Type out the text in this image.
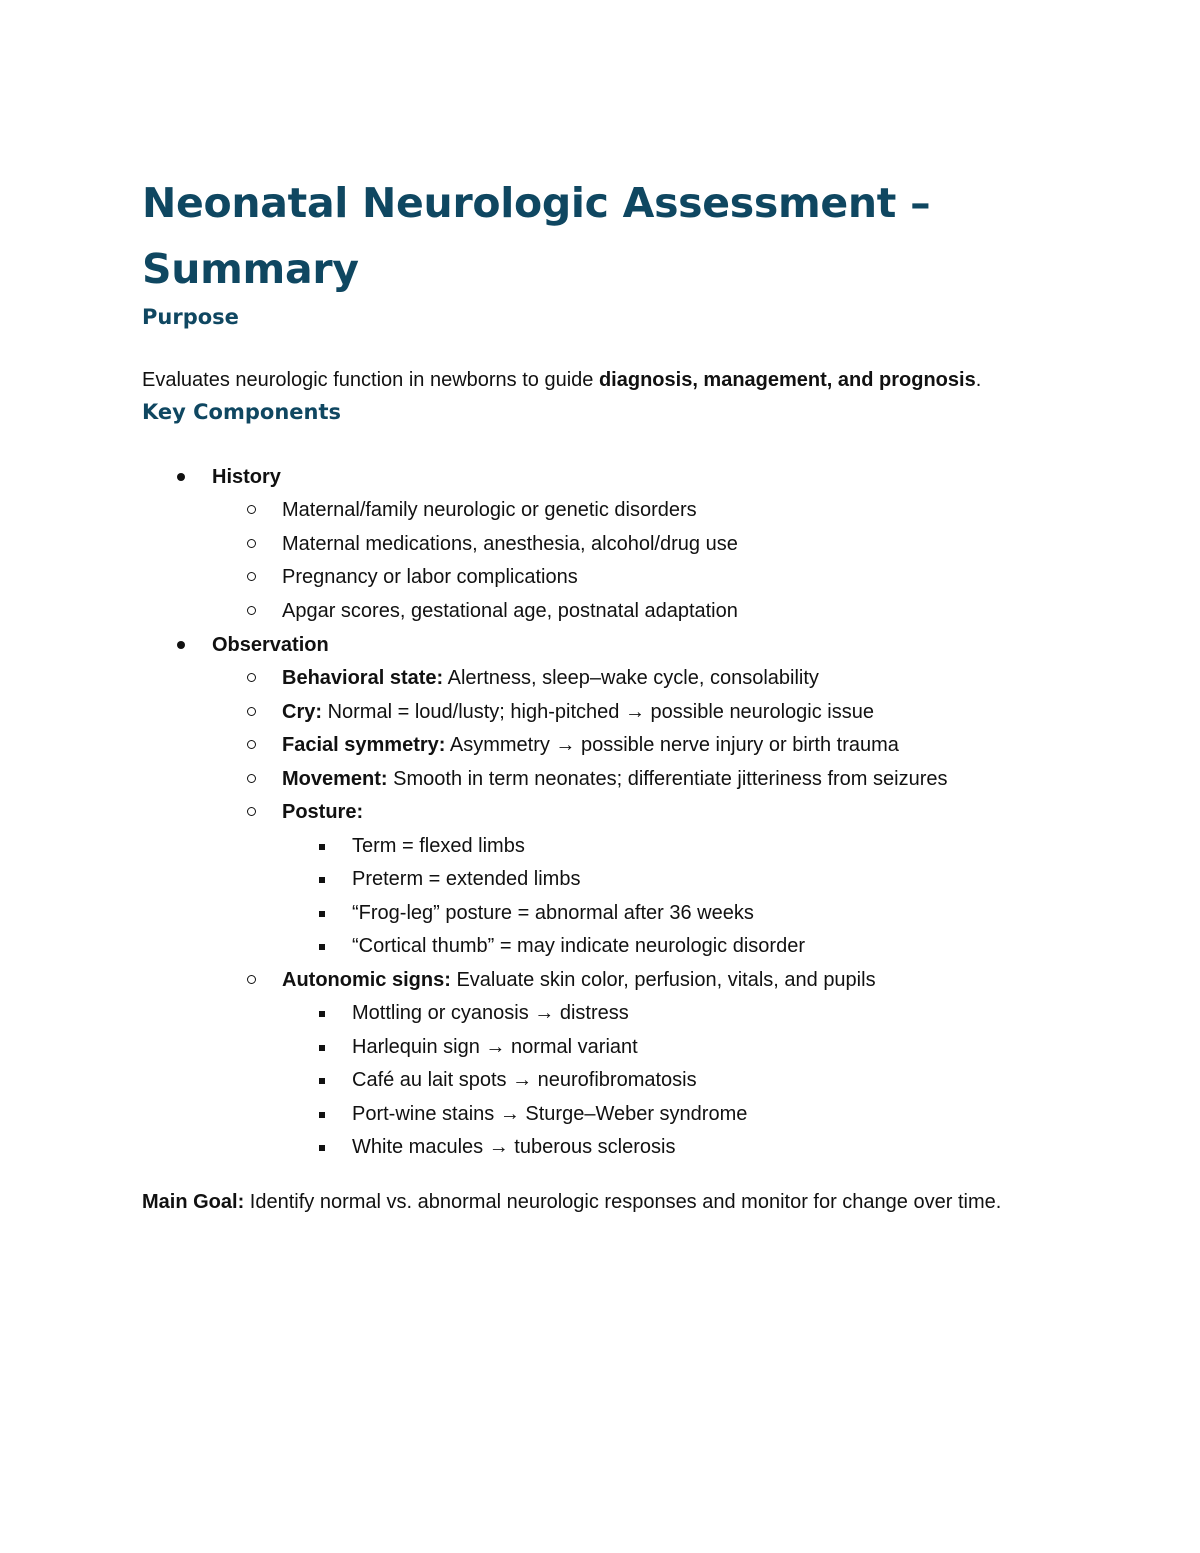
Neonatal Neurologic Assessment – Summary
Purpose

Evaluates neurologic function in newborns to guide diagnosis, management, and prognosis.

Key Components
History
Maternal/family neurologic or genetic disorders
Maternal medications, anesthesia, alcohol/drug use
Pregnancy or labor complications
Apgar scores, gestational age, postnatal adaptation
Observation
Behavioral state: Alertness, sleep–wake cycle, consolability
Cry: Normal = loud/lusty; high-pitched → possible neurologic issue
Facial symmetry: Asymmetry → possible nerve injury or birth trauma
Movement: Smooth in term neonates; differentiate jitteriness from seizures
Posture:
Term = flexed limbs
Preterm = extended limbs
“Frog-leg” posture = abnormal after 36 weeks
“Cortical thumb” = may indicate neurologic disorder
Autonomic signs: Evaluate skin color, perfusion, vitals, and pupils
Mottling or cyanosis → distress
Harlequin sign → normal variant
Café au lait spots → neurofibromatosis
Port-wine stains → Sturge–Weber syndrome
White macules → tuberous sclerosis

Main Goal: Identify normal vs. abnormal neurologic responses and monitor for change over time.
